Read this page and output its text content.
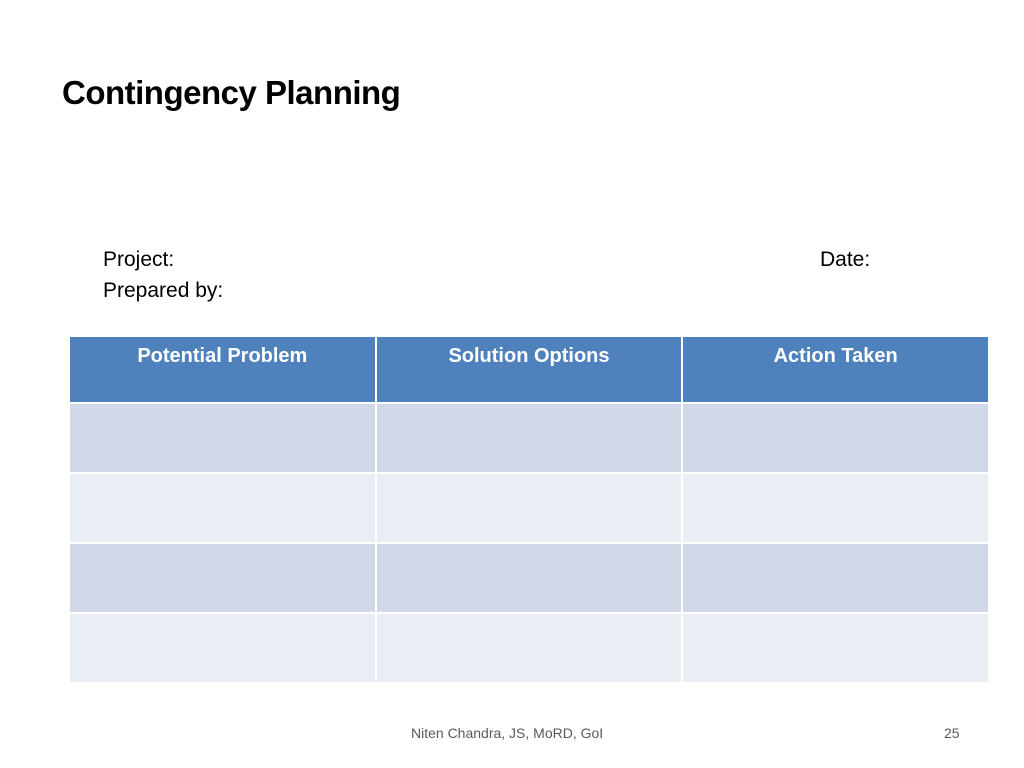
Contingency Planning
Project:
Prepared by:
Date:
Potential Problem	Solution Options	Action Taken

Niten Chandra, JS, MoRD, GoI	25
